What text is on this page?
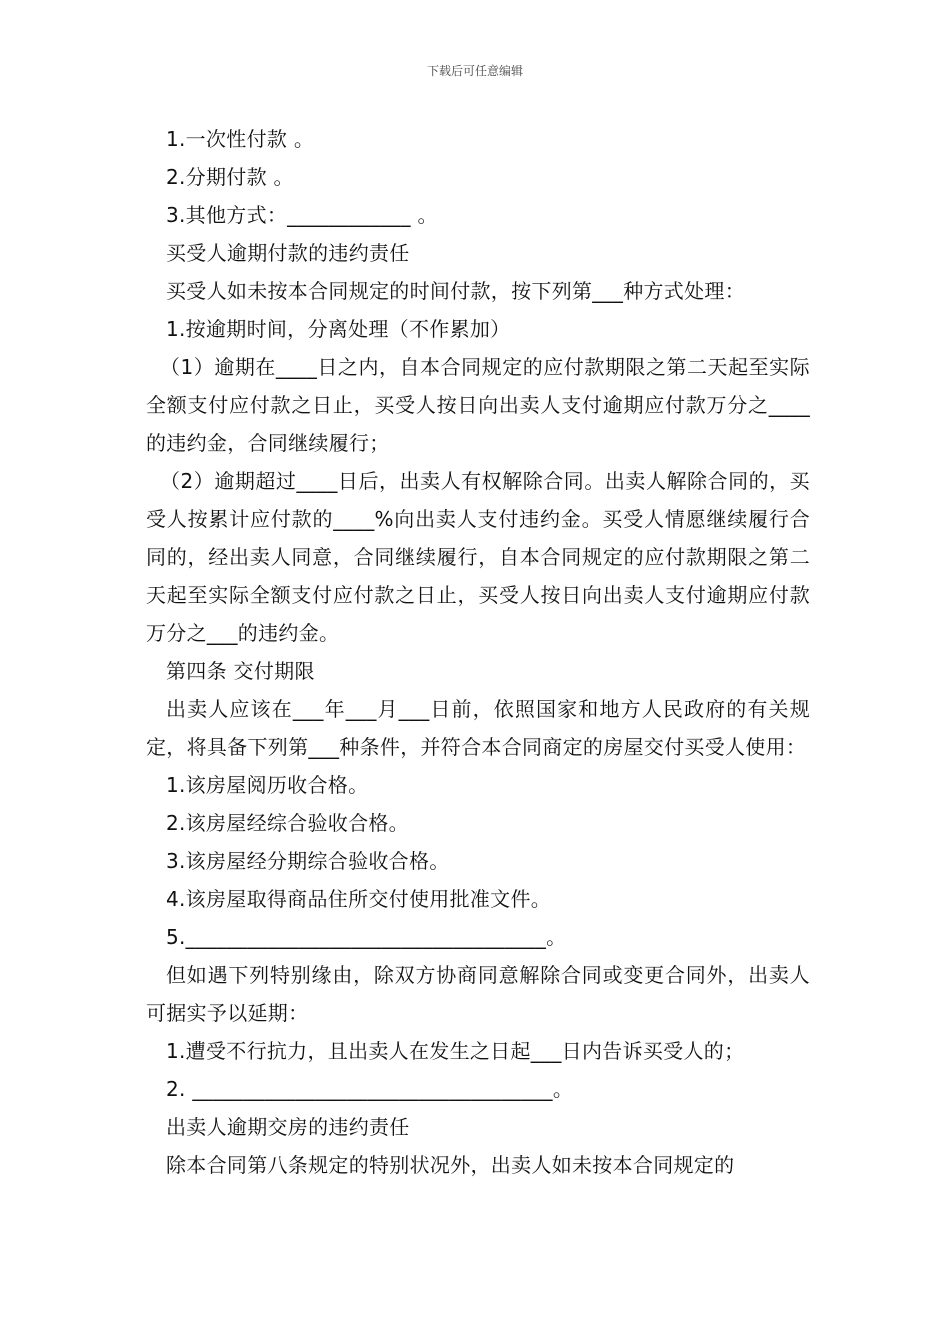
下载后可任意编辑

1.一次性付款 。

2.分期付款 。

3.其他方式：____________ 。

买受人逾期付款的违约责任

买受人如未按本合同规定的时间付款，按下列第___种方式处理：

1.按逾期时间，分离处理（不作累加）

（1）逾期在____日之内，自本合同规定的应付款期限之第二天起至实际全额支付应付款之日止，买受人按日向出卖人支付逾期应付款万分之____的违约金，合同继续履行；

（2）逾期超过____日后，出卖人有权解除合同。出卖人解除合同的，买受人按累计应付款的____%向出卖人支付违约金。买受人情愿继续履行合同的，经出卖人同意，合同继续履行，自本合同规定的应付款期限之第二天起至实际全额支付应付款之日止，买受人按日向出卖人支付逾期应付款万分之___的违约金。

第四条 交付期限

出卖人应该在___年___月___日前，依照国家和地方人民政府的有关规定，将具备下列第___种条件，并符合本合同商定的房屋交付买受人使用：

1.该房屋阅历收合格。

2.该房屋经综合验收合格。

3.该房屋经分期综合验收合格。

4.该房屋取得商品住所交付使用批准文件。

5.___________________________________。

但如遇下列特别缘由，除双方协商同意解除合同或变更合同外，出卖人可据实予以延期：

1.遭受不行抗力，且出卖人在发生之日起___日内告诉买受人的；

2. ___________________________________。

出卖人逾期交房的违约责任

除本合同第八条规定的特别状况外，出卖人如未按本合同规定的
